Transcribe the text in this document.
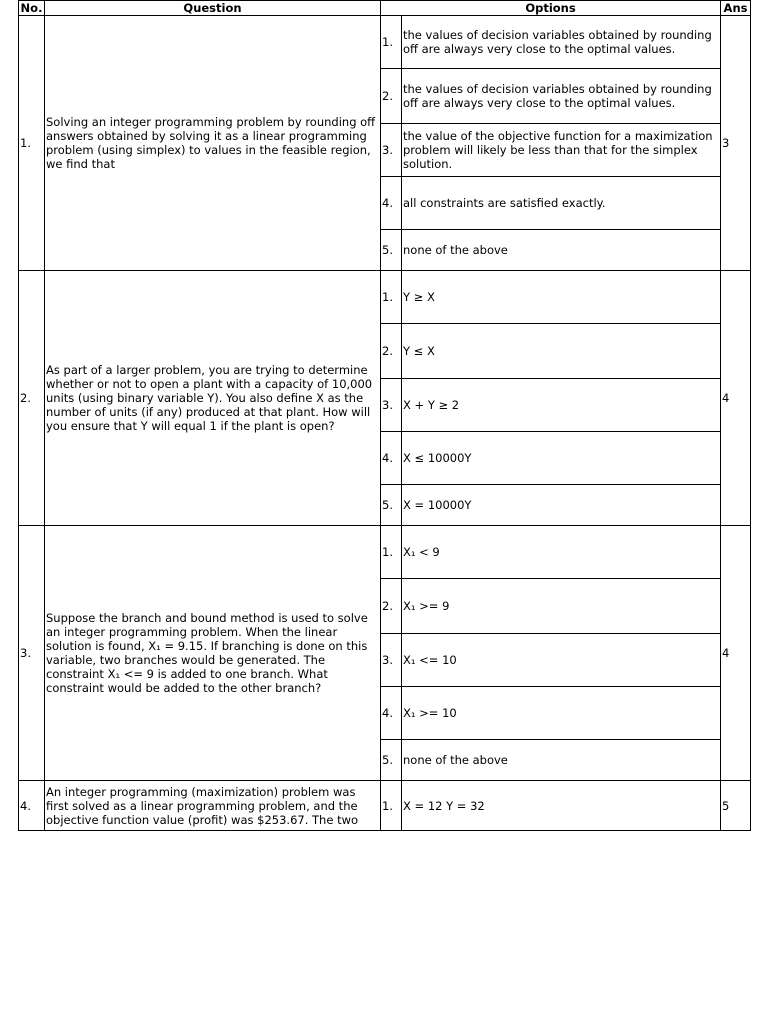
No.	Question	Options		Ans
1.	Solving an integer programming problem by rounding off answers obtained by solving it as a linear programming problem (using simplex) to values in the feasible region, we find that	1.	the values of decision variables obtained by rounding off are always very close to the optimal values.	3
		2.	the values of decision variables obtained by rounding off are always very close to the optimal values.	
		3.	the value of the objective function for a maximization problem will likely be less than that for the simplex solution.	
		4.	all constraints are satisfied exactly.	
		5.	none of the above	
2.	As part of a larger problem, you are trying to determine whether or not to open a plant with a capacity of 10,000 units (using binary variable Y). You also define X as the number of units (if any) produced at that plant. How will you ensure that Y will equal 1 if the plant is open?	1.	Y ≥ X	4
		2.	Y ≤ X	
		3.	X + Y ≥ 2	
		4.	X ≤ 10000Y	
		5.	X = 10000Y	
3.	Suppose the branch and bound method is used to solve an integer programming problem. When the linear solution is found, X₁ = 9.15. If branching is done on this variable, two branches would be generated. The constraint X₁ <= 9 is added to one branch. What constraint would be added to the other branch?	1.	X₁ < 9	4
		2.	X₁ >= 9	
		3.	X₁ <= 10	
		4.	X₁ >= 10	
		5.	none of the above	
4.	An integer programming (maximization) problem was first solved as a linear programming problem, and the objective function value (profit) was $253.67. The two	1.	X = 12 Y = 32	5
